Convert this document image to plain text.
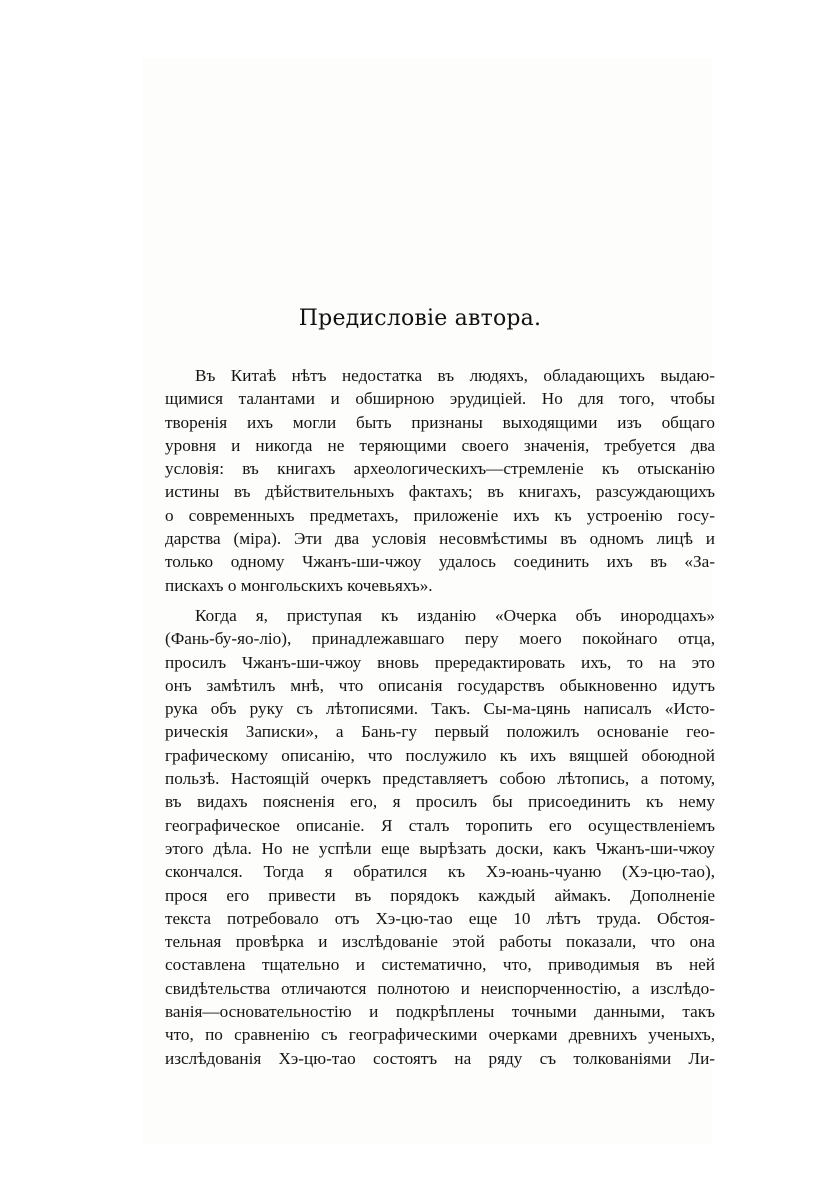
Предисловіе автора.
Въ Китаѣ нѣтъ недостатка въ людяхъ, обладающихъ выдаю-
щимися талантами и обширною эрудиціей. Но для того, чтобы
творенія ихъ могли быть признаны выходящими изъ общаго
уровня и никогда не теряющими своего значенія, требуется два
условія: въ книгахъ археологическихъ—стремленіе къ отысканію
истины въ дѣйствительныхъ фактахъ; въ книгахъ, разсуждающихъ
о современныхъ предметахъ, приложеніе ихъ къ устроенію госу-
дарства (міра). Эти два условія несовмѣстимы въ одномъ лицѣ и
только одному Чжанъ-ши-чжоу удалось соединить ихъ въ «За-
пискахъ о монгольскихъ кочевьяхъ».
Когда я, приступая къ изданію «Очерка объ инородцахъ»
(Фань-бу-яо-ліо), принадлежавшаго перу моего покойнаго отца,
просилъ Чжанъ-ши-чжоу вновь прередактировать ихъ, то на это
онъ замѣтилъ мнѣ, что описанія государствъ обыкновенно идутъ
рука объ руку съ лѣтописями. Такъ. Сы-ма-цянь написалъ «Исто-
рическія Записки», а Бань-гу первый положилъ основаніе гео-
графическому описанію, что послужило къ ихъ вящшей обоюдной
пользѣ. Настоящій очеркъ представляетъ собою лѣтопись, а потому,
въ видахъ поясненія его, я просилъ бы присоединить къ нему
географическое описаніе. Я сталъ торопить его осуществленіемъ
этого дѣла. Но не успѣли еще вырѣзать доски, какъ Чжанъ-ши-чжоу
скончался. Тогда я обратился къ Хэ-юань-чуаню (Хэ-цю-тао),
прося его привести въ порядокъ каждый аймакъ. Дополненіе
текста потребовало отъ Хэ-цю-тао еще 10 лѣтъ труда. Обстоя-
тельная провѣрка и изслѣдованіе этой работы показали, что она
составлена тщательно и систематично, что, приводимыя въ ней
свидѣтельства отличаются полнотою и неиспорченностію, а изслѣдо-
ванія—основательностію и подкрѣплены точными данными, такъ
что, по сравненію съ географическими очерками древнихъ ученыхъ,
изслѣдованія Хэ-цю-тао состоятъ на ряду съ толкованіями Ли-
